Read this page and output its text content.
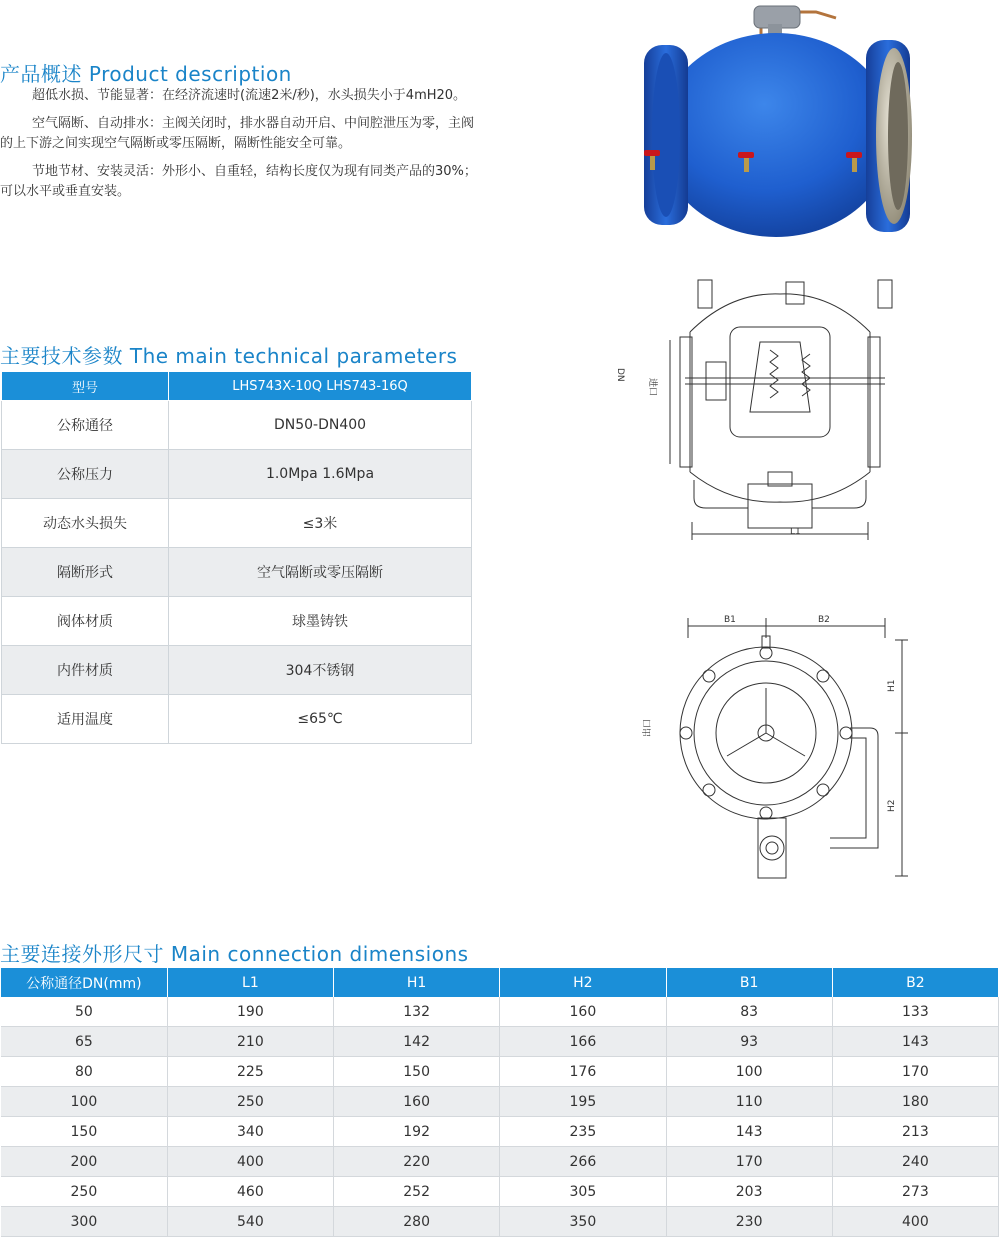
产品概述 Product description

超低水损、节能显著：在经济流速时(流速2米/秒)，水头损失小于4mH20。

空气隔断、自动排水：主阀关闭时，排水器自动开启、中间腔泄压为零，主阀的上下游之间实现空气隔断或零压隔断，隔断性能安全可靠。

节地节材、安装灵活：外形小、自重轻，结构长度仅为现有同类产品的30%；可以水平或垂直安装。

DN
进口
L1
B1	B2
H1
H2
出口
主要技术参数 The main technical parameters
型号	LHS743X-10Q LHS743-16Q
公称通径	DN50-DN400
公称压力	1.0Mpa 1.6Mpa
动态水头损失	≤3米
隔断形式	空气隔断或零压隔断
阀体材质	球墨铸铁
内件材质	304不锈钢
适用温度	≤65℃
主要连接外形尺寸 Main connection dimensions
公称通径DN(mm)	L1	H1	H2	B1	B2
50	190	132	160	83	133
65	210	142	166	93	143
80	225	150	176	100	170
100	250	160	195	110	180
150	340	192	235	143	213
200	400	220	266	170	240
250	460	252	305	203	273
300	540	280	350	230	400
